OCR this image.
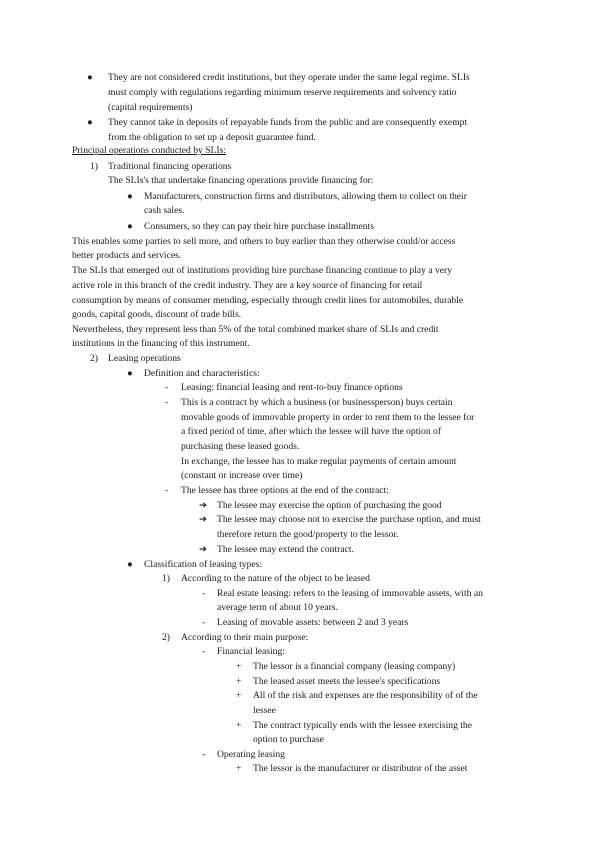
● They are not considered credit institutions, but they operate under the same legal regime. SLIs
must comply with regulations regarding minimum reserve requirements and solvency ratio
(capital requirements)
● They cannot take in deposits of repayable funds from the public and are consequently exempt
from the obligation to set up a deposit guarantee fund.
Principal operations conducted by SLIs:
1) Traditional financing operations
The SLIs's that undertake financing operations provide financing for:
● Manufacturers, construction firms and distributors, allowing them to collect on their
cash sales.
● Consumers, so they can pay their hire purchase installments
This enables some parties to sell more, and others to buy earlier than they otherwise could/or access
better products and services.
The SLIs that emerged out of institutions providing hire purchase financing continue to play a very
active role in this branch of the credit industry. They are a key source of financing for retail
consumption by means of consumer mending, especially through credit lines for automobiles, durable
goods, capital goods, discount of trade bills.
Nevertheless, they represent less than 5% of the total combined market share of SLIs and credit
institutions in the financing of this instrument.
2) Leasing operations
● Definition and characteristics:
- Leasing: financial leasing and rent-to-buy finance options
- This is a contract by which a business (or businessperson) buys certain
movable goods of immovable property in order to rent them to the lessee for
a fixed period of time, after which the lessee will have the option of
purchasing these leased goods.
In exchange, the lessee has to make regular payments of certain amount
(constant or increase over time)
- The lessee has three options at the end of the contract:
➔ The lessee may exercise the option of purchasing the good
➔ The lessee may choose not to exercise the purchase option, and must
therefore return the good/property to the lessor.
➔ The lessee may extend the contract.
● Classification of leasing types:
1) According to the nature of the object to be leased
- Real estate leasing: refers to the leasing of immovable assets, with an
average term of about 10 years.
- Leasing of movable assets: between 2 and 3 years
2) According to their main purpose:
- Financial leasing:
+ The lessor is a financial company (leasing company)
+ The leased asset meets the lessee's specifications
+ All of the risk and expenses are the responsibility of of the
lessee
+ The contract typically ends with the lessee exercising the
option to purchase
- Operating leasing
+ The lessor is the manufacturer or distributor of the asset
